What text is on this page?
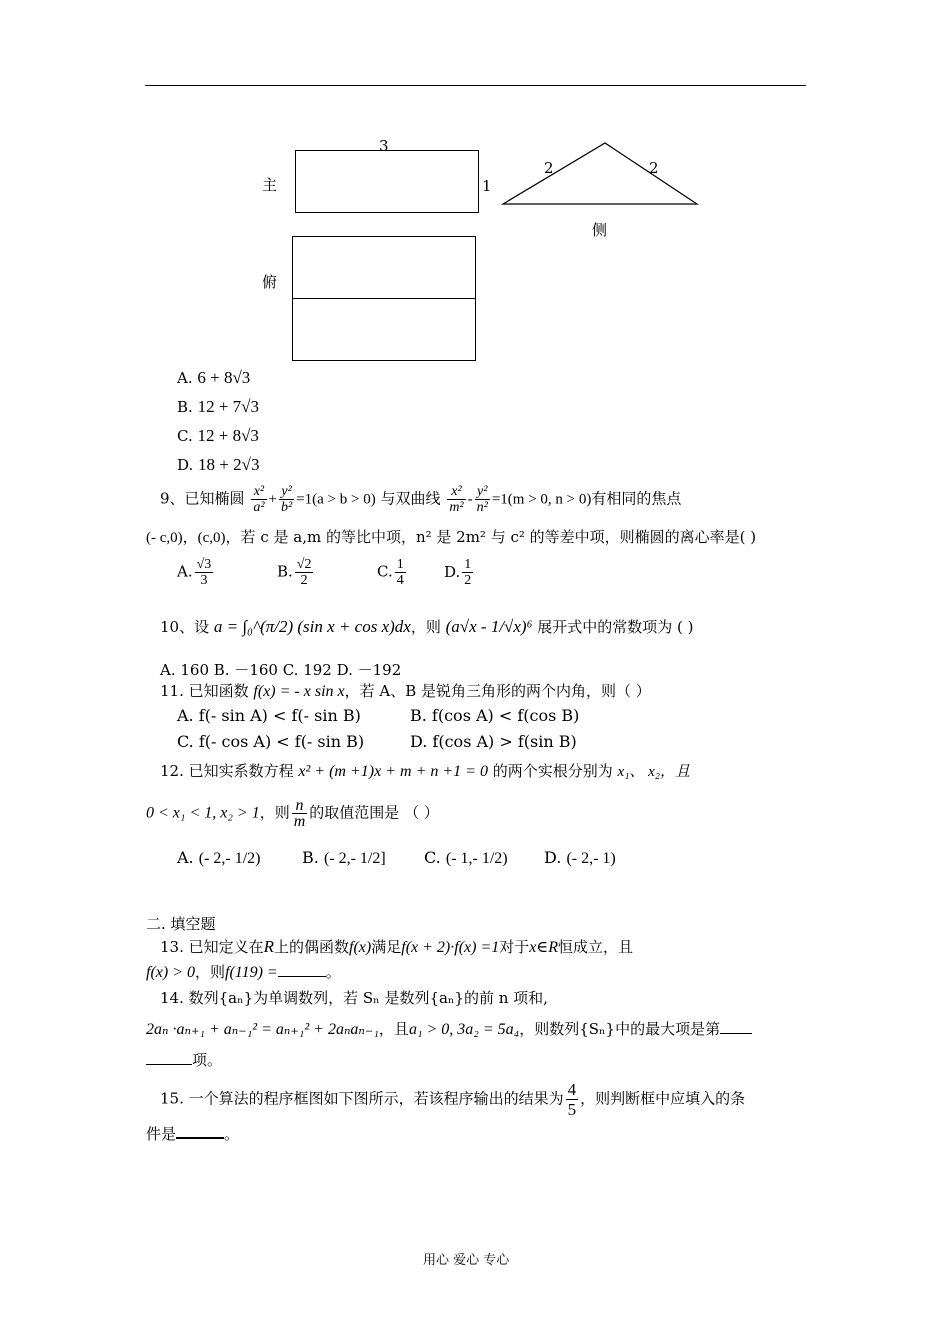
主
3
1
2	2
侧
俯
A. 6 + 8√3
B. 12 + 7√3
C. 12 + 8√3
D. 18 + 2√3
9、已知椭圆 $\frac{\text{x²}}{\text{a²}} + \frac{\text{y²}}{\text{b²}} =1(a > b > 0)$ 与双曲线 $\frac{\text{x²}}{\text{m²}} - \frac{\text{y²}}{\text{n²}} =1(m > 0$, n > 0)有相同的焦点
(- c,0)，(c,0)，若 c 是 a,m 的等比中项，n² 是 2m² 与 c² 的等差中项，则椭圆的离心率是( )
A. $\frac{√3}{3}$	B. $\frac{√2}{2}$	C. $\frac{1}{4}$	D. $\frac{1}{2}$
10、设 a = ∫₀^(π/2) (sin x + cos x)dx，则 (a√x - 1/√x)⁶ 展开式中的常数项为 ( )
A. 160 B. －160 C. 192 D. －192
11. 已知函数 f(x) = - x sin x，若 A、B 是锐角三角形的两个内角，则（ ）
A. f(- sin A) < f(- sin B)	B. f(cos A) < f(cos B)
C. f(- cos A) < f(- sin B)	D. f(cos A) > f(sin B)
12. 已知实系数方程 x² + (m +1)x + m + n +1 = 0 的两个实根分别为 x₁、 x₂，且
0 < x₁ < 1, x₂ > 1，则 $\frac{n}{m}$ 的取值范围是 （ ）
A. (- 2,- 1/2)	B. (- 2,- 1/2] C. (- 1,- 1/2) D. (- 2,- 1)
二. 填空题
13. 已知定义在R上的偶函数f(x)满足f(x + 2)·f(x) =1对于x∈R恒成立，且
f(x) > 0，则f(119) =	。
14. 数列{aₙ}为单调数列，若 Sₙ 是数列{aₙ}的前 n 项和,
2aₙ ·aₙ₊₁ + aₙ₋₁² = aₙ₊₁² + 2aₙaₙ₋₁，且a₁ > 0, 3a₂ = 5a₄，则数列{Sₙ}中的最大项是第
项。
15. 一个算法的程序框图如下图所示，若该程序输出的结果为 $\frac{4}{5}$ ，则判断框中应填入的条
件是	。
用心 爱心 专心
